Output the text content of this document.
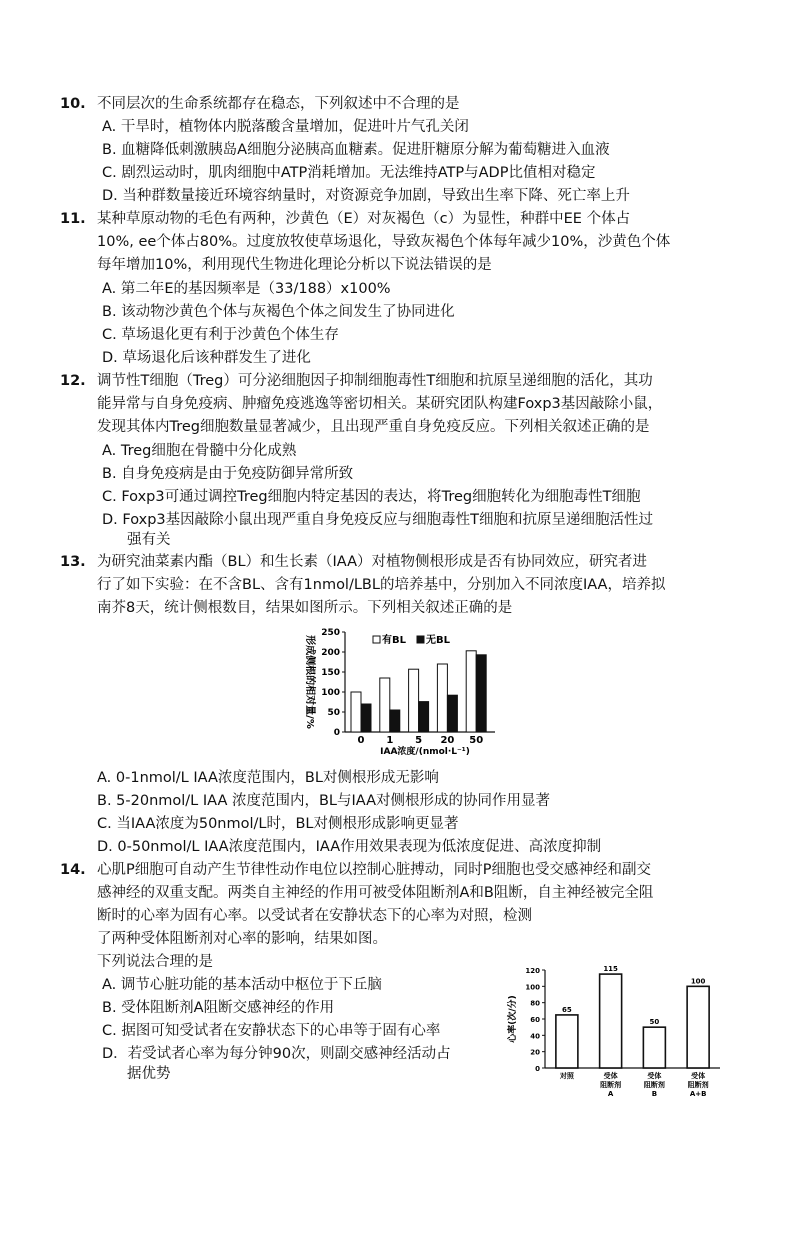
10. 不同层次的生命系统都存在稳态，下列叙述中不合理的是
A. 干旱时，植物体内脱落酸含量增加，促进叶片气孔关闭
B. 血糖降低刺激胰岛A细胞分泌胰高血糖素。促进肝糖原分解为葡萄糖进入血液
C. 剧烈运动时，肌肉细胞中ATP消耗增加。无法维持ATP与ADP比值相对稳定
D. 当种群数量接近环境容纳量时，对资源竞争加剧，导致出生率下降、死亡率上升
11. 某种草原动物的毛色有两种，沙黄色（E）对灰褐色（c）为显性，种群中EE 个体占
10%, ee个体占80%。过度放牧使草场退化，导致灰褐色个体每年减少10%，沙黄色个体
每年增加10%，利用现代生物进化理论分析以下说法错误的是
A. 第二年E的基因频率是（33/188）x100%
B. 该动物沙黄色个体与灰褐色个体之间发生了协同进化
C. 草场退化更有利于沙黄色个体生存
D. 草场退化后该种群发生了进化
12. 调节性T细胞（Treg）可分泌细胞因子抑制细胞毒性T细胞和抗原呈递细胞的活化，其功
能异常与自身免疫病、肿瘤免疫逃逸等密切相关。某研究团队构建Foxp3基因敲除小鼠，
发现其体内Treg细胞数量显著减少，且出现严重自身免疫反应。下列相关叙述正确的是
A. Treg细胞在骨髓中分化成熟
B. 自身免疫病是由于免疫防御异常所致
C. Foxp3可通过调控Treg细胞内特定基因的表达，将Treg细胞转化为细胞毒性T细胞
D. Foxp3基因敲除小鼠出现严重自身免疫反应与细胞毒性T细胞和抗原呈递细胞活性过
强有关
13. 为研究油菜素内酯（BL）和生长素（IAA）对植物侧根形成是否有协同效应，研究者进
行了如下实验：在不含BL、含有1nmol/LBL的培养基中，分别加入不同浓度IAA，培养拟
南芥8天，统计侧根数目，结果如图所示。下列相关叙述正确的是
形成侧根的相对量/%
0
50
100
150
200
250
有BL 无BL
0 1 5 20 50
IAA浓度/(nmol·L⁻¹)
A. 0-1nmol/L IAA浓度范围内，BL对侧根形成无影响
B. 5-20nmol/L IAA 浓度范围内，BL与IAA对侧根形成的协同作用显著
C. 当IAA浓度为50nmol/L时，BL对侧根形成影响更显著
D. 0-50nmol/L IAA浓度范围内，IAA作用效果表现为低浓度促进、高浓度抑制
14. 心肌P细胞可自动产生节律性动作电位以控制心脏搏动，同时P细胞也受交感神经和副交
感神经的双重支配。两类自主神经的作用可被受体阻断剂A和B阻断，自主神经被完全阻
断时的心率为固有心率。以受试者在安静状态下的心率为对照，检测
了两种受体阻断剂对心率的影响，结果如图。
下列说法合理的是
A. 调节心脏功能的基本活动中枢位于下丘脑
B. 受体阻断剂A阻断交感神经的作用
C. 据图可知受试者在安静状态下的心串等于固有心率
D．若受试者心率为每分钟90次，则副交感神经活动占
据优势
心率(次/分)
0
20
40
60
80
100
120
65
对照
115
受体
阻断剂
A
50
受体
阻断剂
B
100
受体
阻断剂
A+B
